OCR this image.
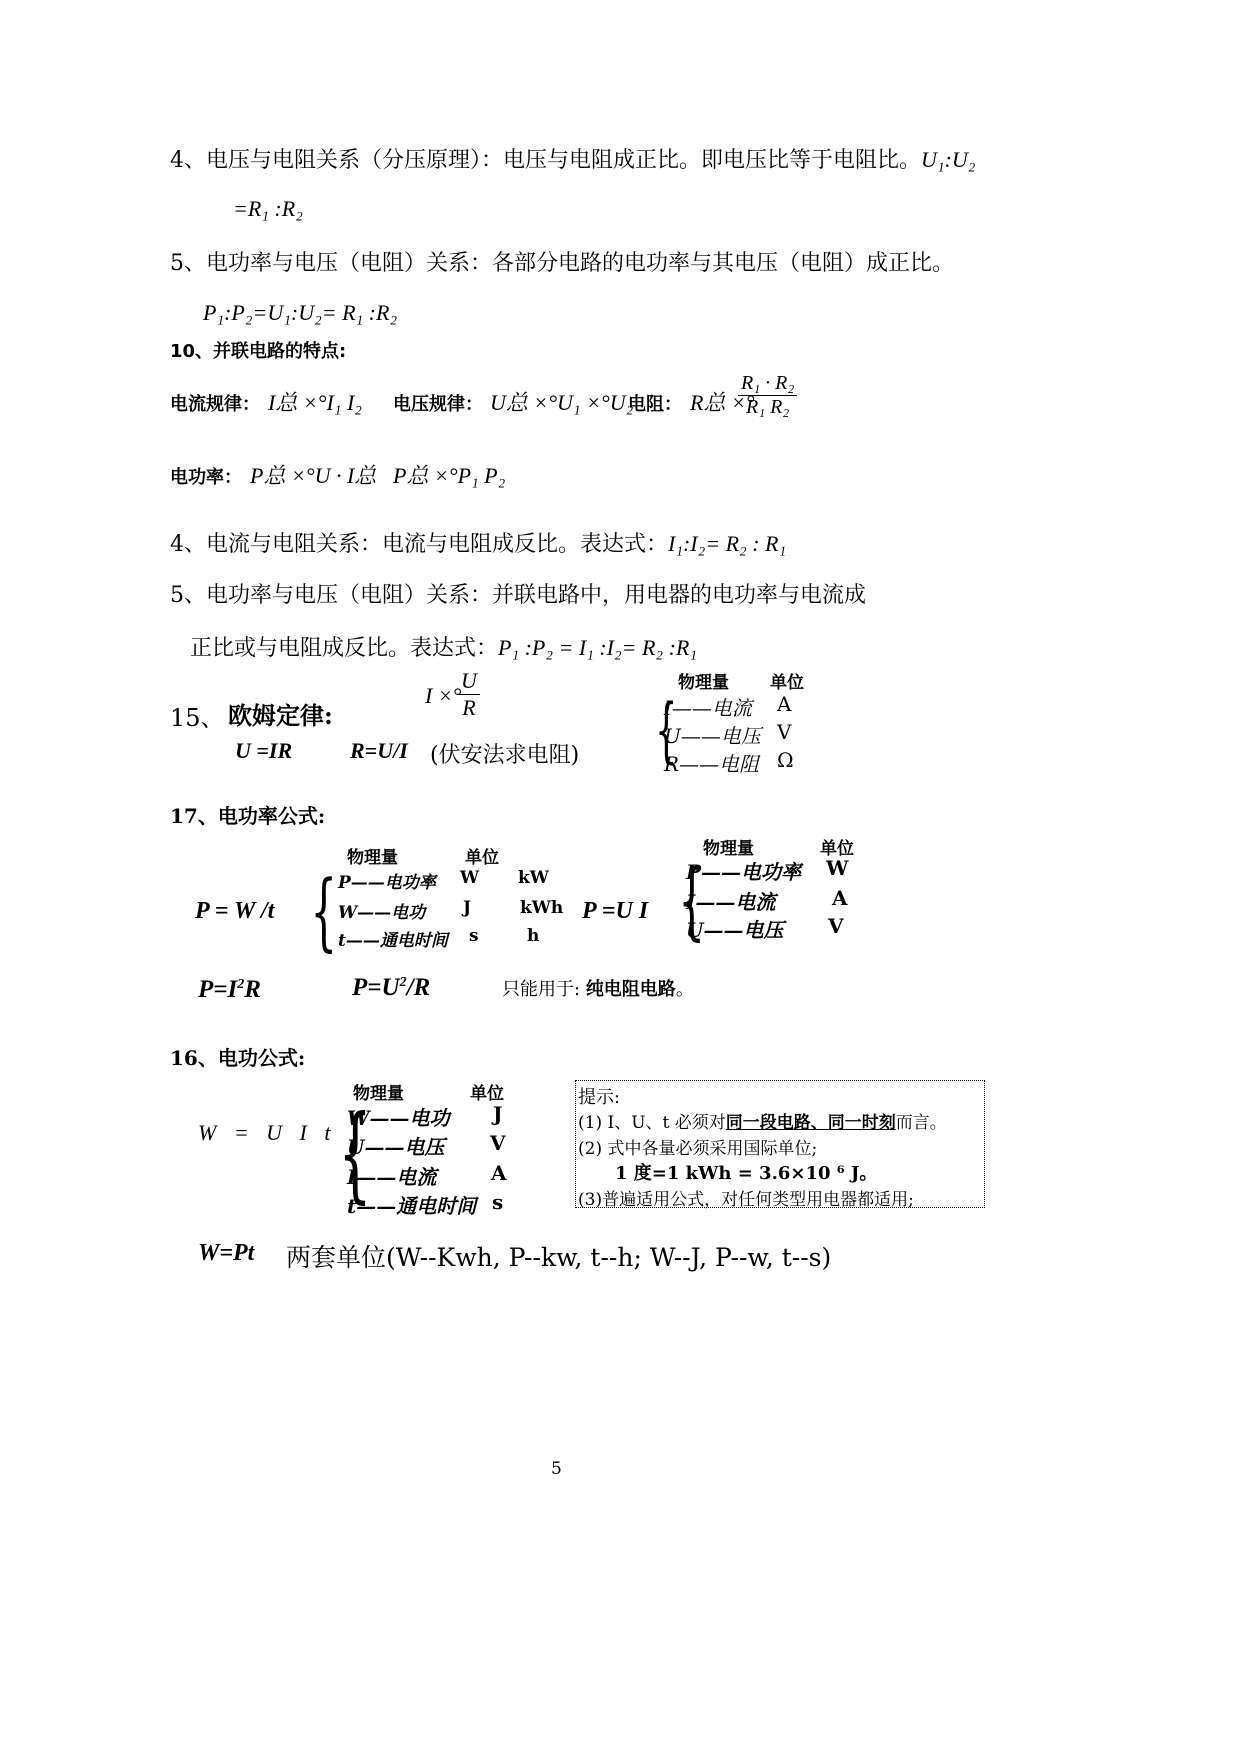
4、电压与电阻关系（分压原理）：电压与电阻成正比。即电压比等于电阻比。U₁:U₂
=R₁ :R₂
5、电功率与电压（电阻）关系：各部分电路的电功率与其电压（电阻）成正比。
P₁:P₂=U₁:U₂= R₁ :R₂
10、并联电路的特点:
电流规律： I总 ×°I₁ I₂ 电压规律： U总 ×°U₁ ×°U₂
电阻： R总 ×°
$\frac{\text{R₁ · R₂}}{\text{R₁ R₂}}$
电功率： P总 ×°U · I总 P总 ×°P₁ P₂
4、电流与电阻关系：电流与电阻成反比。表达式：I₁:I₂= R₂ : R₁
5、电功率与电压（电阻）关系：并联电路中，用电器的电功率与电流成
正比或与电阻成反比。表达式：P₁ :P₂ = I₁ :I₂= R₂ :R₁
15、 欧姆定律:
I ×°
$\frac{U}{R}$
U =IR	R=U/I (伏安法求电阻)
物理量 单位
{
I——电流 A
U——电压 V
R——电阻 Ω
17、电功率公式:
P = W /t {
物理量	单位
P——电功率 W kW
W——电功 J	kWh
t——通电时间 s	h
P =U I
物理量	单位
{
P——电功率 W
I——电流	A
U——电压 V
$P=I^2R$	$P=U^2/R$	只能用于: 纯电阻电路。
16、电功公式:
物理量	单位
W = U I t {
W——电功 J
U——电压 V
I——电流	A
t——通电时间 s
提示:
(1) I、U、t 必须对同一段电路、同一时刻而言。
(2) 式中各量必须采用国际单位;
1 度=1 kWh = 3.6×10 ⁶ J。
(3)普遍适用公式，对任何类型用电器都适用;
W=Pt 两套单位(W--Kwh, P--kw, t--h; W--J, P--w, t--s)
5
